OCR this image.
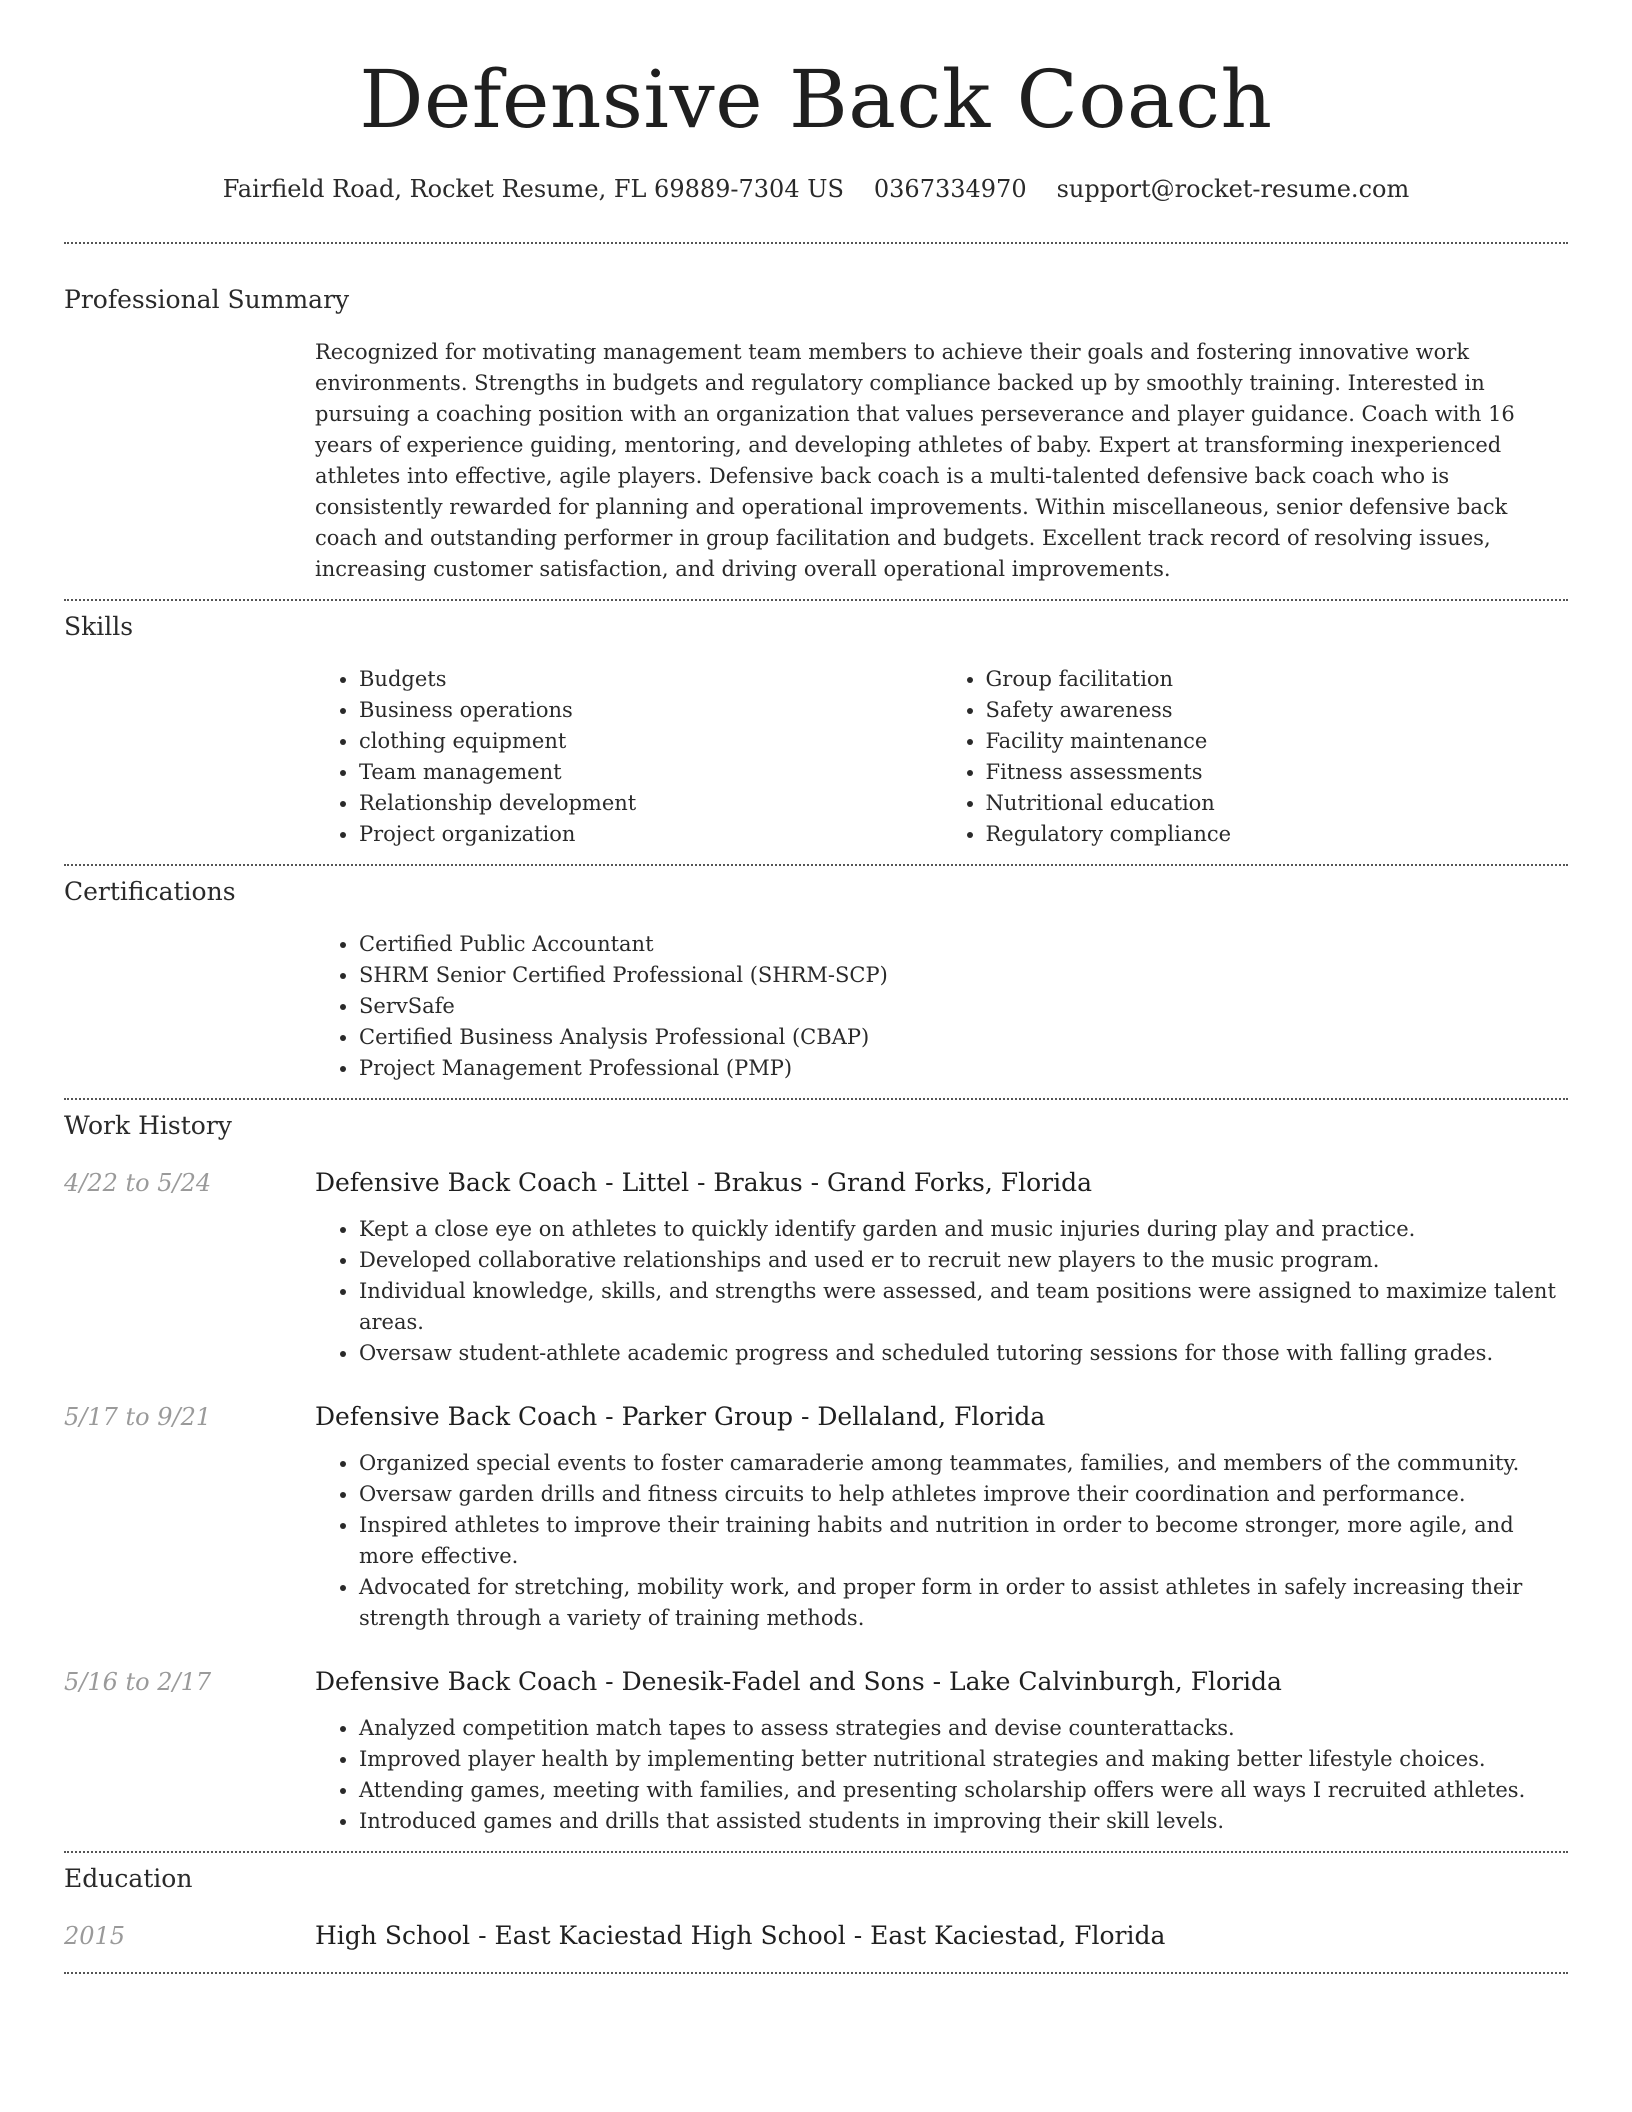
Defensive Back Coach
Fairfield Road, Rocket Resume, FL 69889-7304 US 0367334970 support@rocket-resume.com
Professional Summary

Recognized for motivating management team members to achieve their goals and fostering innovative work environments. Strengths in budgets and regulatory compliance backed up by smoothly training. Interested in pursuing a coaching position with an organization that values perseverance and player guidance. Coach with 16 years of experience guiding, mentoring, and developing athletes of baby. Expert at transforming inexperienced athletes into effective, agile players. Defensive back coach is a multi-talented defensive back coach who is consistently rewarded for planning and operational improvements. Within miscellaneous, senior defensive back coach and outstanding performer in group facilitation and budgets. Excellent track record of resolving issues, increasing customer satisfaction, and driving overall operational improvements.

Skills
• Budgets
• Business operations
• clothing equipment
• Team management
• Relationship development
• Project organization
• Group facilitation
• Safety awareness
• Facility maintenance
• Fitness assessments
• Nutritional education
• Regulatory compliance
Certifications
• Certified Public Accountant
• SHRM Senior Certified Professional (SHRM-SCP)
• ServSafe
• Certified Business Analysis Professional (CBAP)
• Project Management Professional (PMP)
Work History
4/22 to 5/24	Defensive Back Coach - Littel - Brakus - Grand Forks, Florida
• Kept a close eye on athletes to quickly identify garden and music injuries during play and practice.
• Developed collaborative relationships and used er to recruit new players to the music program.
• Individual knowledge, skills, and strengths were assessed, and team positions were assigned to maximize talent areas.
• Oversaw student-athlete academic progress and scheduled tutoring sessions for those with falling grades.
5/17 to 9/21	Defensive Back Coach - Parker Group - Dellaland, Florida
• Organized special events to foster camaraderie among teammates, families, and members of the community.
• Oversaw garden drills and fitness circuits to help athletes improve their coordination and performance.
• Inspired athletes to improve their training habits and nutrition in order to become stronger, more agile, and more effective.
• Advocated for stretching, mobility work, and proper form in order to assist athletes in safely increasing their strength through a variety of training methods.
5/16 to 2/17	Defensive Back Coach - Denesik-Fadel and Sons - Lake Calvinburgh, Florida
• Analyzed competition match tapes to assess strategies and devise counterattacks.
• Improved player health by implementing better nutritional strategies and making better lifestyle choices.
• Attending games, meeting with families, and presenting scholarship offers were all ways I recruited athletes.
• Introduced games and drills that assisted students in improving their skill levels.
Education
2015	High School - East Kaciestad High School - East Kaciestad, Florida
